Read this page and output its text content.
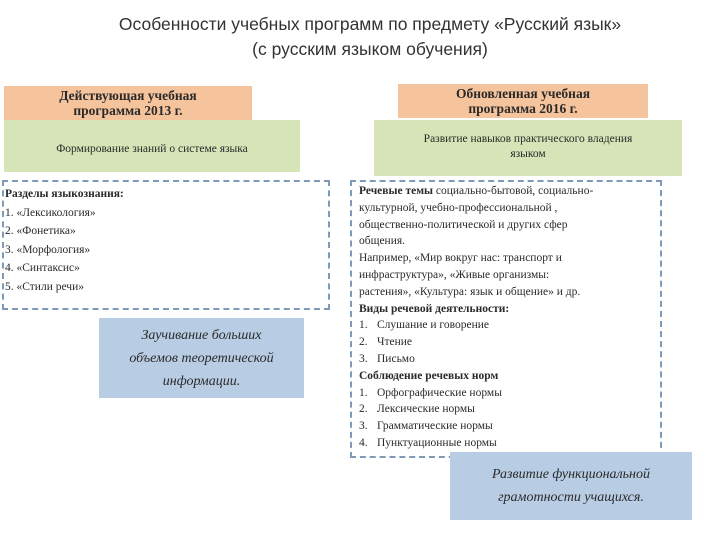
Особенности учебных программ по предмету «Русский язык»
(с русским языком обучения)
Действующая учебная
программа 2013 г.
Формирование знаний о системе языка
Разделы языкознания:
1. «Лексикология»
2. «Фонетика»
3. «Морфология»
4. «Синтаксис»
5. «Стили речи»
Заучивание больших
объемов теоретической
информации.
Обновленная учебная
программа 2016 г.
Развитие навыков практического владения
языком
Речевые темы социально-бытовой, социально-
культурной, учебно-профессиональной ,
общественно-политической и других сфер
общения.
Например, «Мир вокруг нас: транспорт и
инфраструктура», «Живые организмы:
растения», «Культура: язык и общение» и др.
Виды речевой деятельности:
1. Слушание и говорение
2. Чтение
3. Письмо
Соблюдение речевых норм
1. Орфографические нормы
2. Лексические нормы
3. Грамматические нормы
4. Пунктуационные нормы
Развитие функциональной
грамотности учащихся.
